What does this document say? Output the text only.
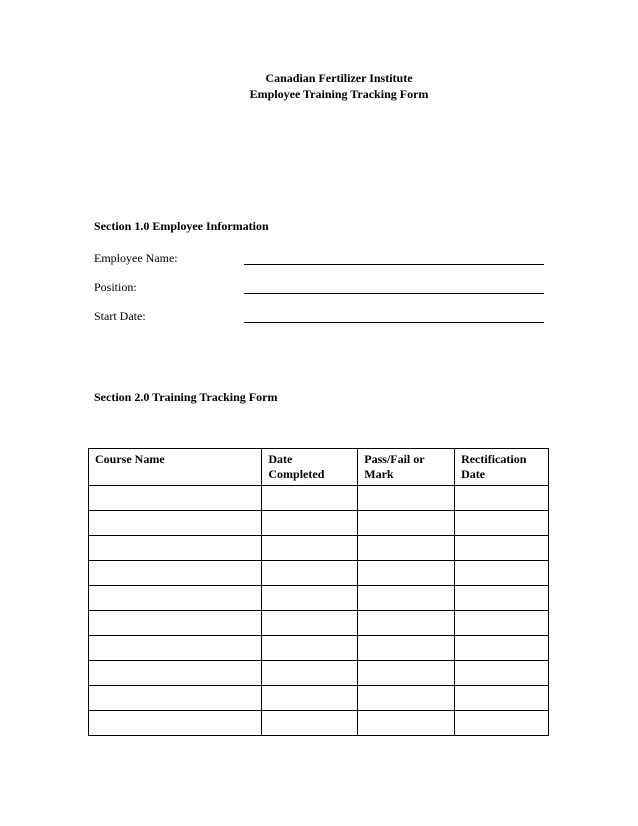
Canadian Fertilizer Institute
Employee Training Tracking Form
Section 1.0 Employee Information
Employee Name:
Position:
Start Date:
Section 2.0 Training Tracking Form
Course Name	Date Completed	Pass/Fail or Mark	Rectification Date
